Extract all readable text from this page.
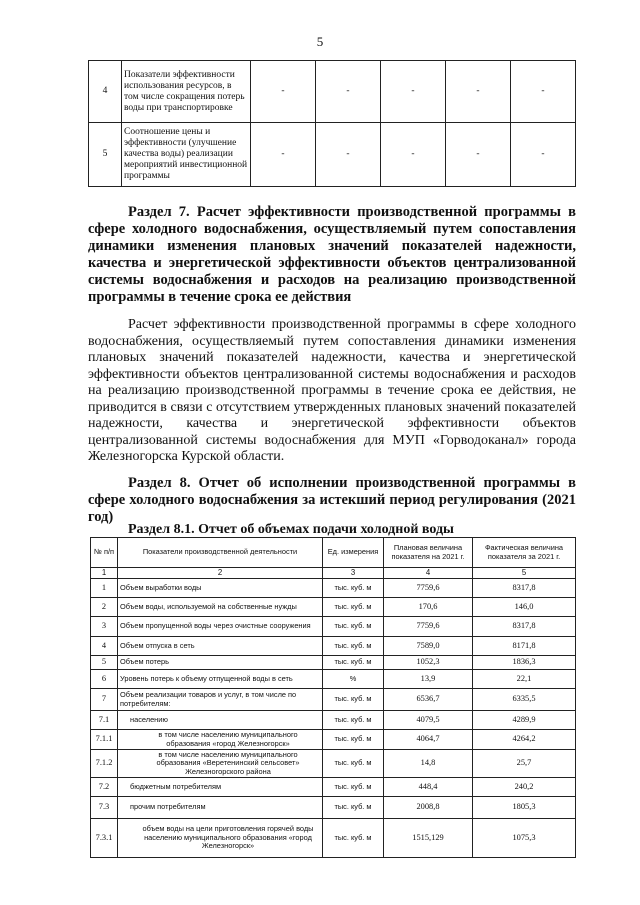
5
4	Показатели эффективности использования ресурсов, в том числе сокращения потерь воды при транспортировке	-	-	-	-	-
5	Соотношение цены и эффективности (улучшение качества воды) реализации мероприятий инвестиционной программы	-	-	-	-	-
Раздел 7. Расчет эффективности производственной программы в сфере холодного водоснабжения, осуществляемый путем сопоставления динамики изменения плановых значений показателей надежности, качества и энергетической эффективности объектов централизованной системы водоснабжения и расходов на реализацию производственной программы в течение срока ее действия
Расчет эффективности производственной программы в сфере холодного водоснабжения, осуществляемый путем сопоставления динамики изменения плановых значений показателей надежности, качества и энергетической эффективности объектов централизованной системы водоснабжения и расходов на реализацию производственной программы в течение срока ее действия, не приводится в связи с отсутствием утвержденных плановых значений показателей надежности, качества и энергетической эффективности объектов централизованной системы водоснабжения для МУП «Горводоканал» города Железногорска Курской области.
Раздел 8. Отчет об исполнении производственной программы в сфере холодного водоснабжения за истекший период регулирования (2021 год)
Раздел 8.1. Отчет об объемах подачи холодной воды
№ п/п	Показатели производственной деятельности	Ед. измерения	Плановая величина показателя на 2021 г.	Фактическая величина показателя за 2021 г.
1	2	3	4	5
1	Объем выработки воды	тыс. куб. м	7759,6	8317,8
2	Объем воды, используемой на собственные нужды	тыс. куб. м	170,6	146,0
3	Объем пропущенной воды через очистные сооружения	тыс. куб. м	7759,6	8317,8
4	Объем отпуска в сеть	тыс. куб. м	7589,0	8171,8
5	Объем потерь	тыс. куб. м	1052,3	1836,3
6	Уровень потерь к объему отпущенной воды в сеть	%	13,9	22,1
7	Объем реализации товаров и услуг, в том числе по потребителям:	тыс. куб. м	6536,7	6335,5
7.1	населению	тыс. куб. м	4079,5	4289,9
7.1.1	в том числе населению муниципального образования «город Железногорск»	тыс. куб. м	4064,7	4264,2
7.1.2	в том числе населению муниципального образования «Веретенинский сельсовет» Железногорского района	тыс. куб. м	14,8	25,7
7.2	бюджетным потребителям	тыс. куб. м	448,4	240,2
7.3	прочим потребителям	тыс. куб. м	2008,8	1805,3
7.3.1	объем воды на цели приготовления горячей воды населению муниципального образования «город Железногорск»	тыс. куб. м	1515,129	1075,3
